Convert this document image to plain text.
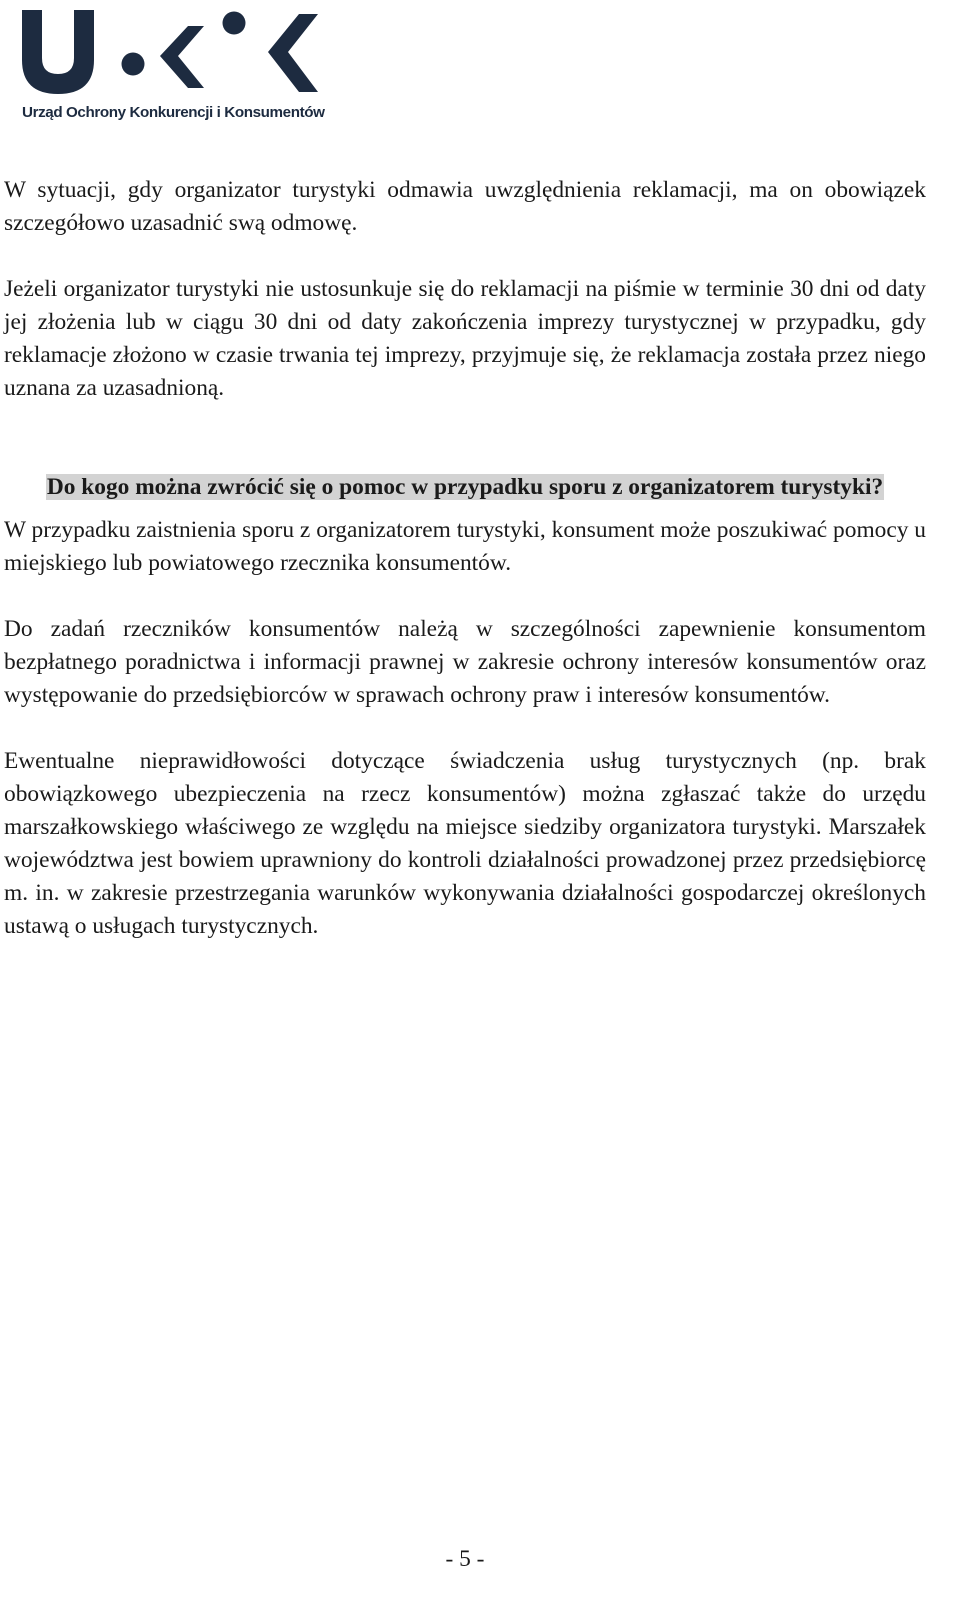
Urząd Ochrony Konkurencji i Konsumentów

W sytuacji, gdy organizator turystyki odmawia uwzględnienia reklamacji, ma on obowiązek szczegółowo uzasadnić swą odmowę.

Jeżeli organizator turystyki nie ustosunkuje się do reklamacji na piśmie w terminie 30 dni od daty jej złożenia lub w ciągu 30 dni od daty zakończenia imprezy turystycznej w przypadku, gdy reklamacje złożono w czasie trwania tej imprezy, przyjmuje się, że reklamacja została przez niego uznana za uzasadnioną.

Do kogo można zwrócić się o pomoc w przypadku sporu z organizatorem turystyki?

W przypadku zaistnienia sporu z organizatorem turystyki, konsument może poszukiwać pomocy u miejskiego lub powiatowego rzecznika konsumentów.

Do zadań rzeczników konsumentów należą w szczególności zapewnienie konsumentom bezpłatnego poradnictwa i informacji prawnej w zakresie ochrony interesów konsumentów oraz występowanie do przedsiębiorców w sprawach ochrony praw i interesów konsumentów.

Ewentualne nieprawidłowości dotyczące świadczenia usług turystycznych (np. brak obowiązkowego ubezpieczenia na rzecz konsumentów) można zgłaszać także do urzędu marszałkowskiego właściwego ze względu na miejsce siedziby organizatora turystyki. Marszałek województwa jest bowiem uprawniony do kontroli działalności prowadzonej przez przedsiębiorcę m. in. w zakresie przestrzegania warunków wykonywania działalności gospodarczej określonych ustawą o usługach turystycznych.

- 5 -
